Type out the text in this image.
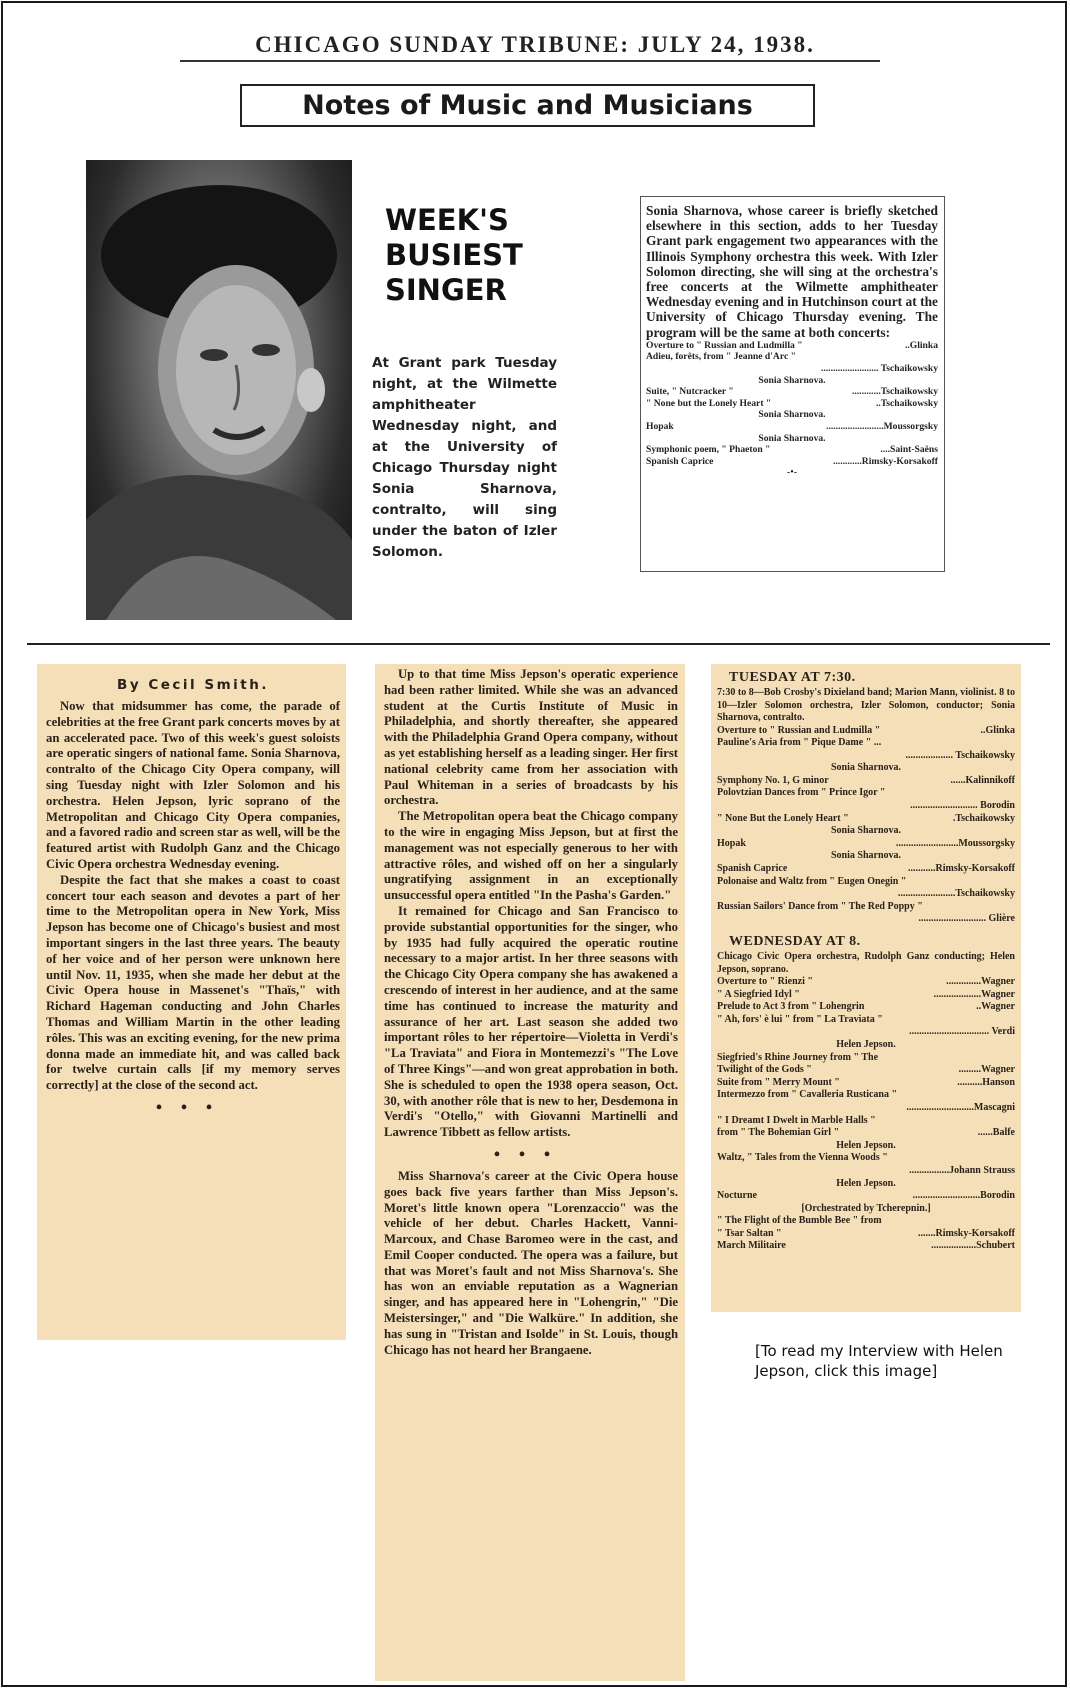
CHICAGO SUNDAY TRIBUNE: JULY 24, 1938.
Notes of Music and Musicians
WEEK'S
BUSIEST
SINGER
At Grant park Tuesday night, at the Wilmette amphitheater Wednesday night, and at the University of Chicago Thursday night Sonia Sharnova, contralto, will sing under the baton of Izler Solomon.
Sonia Sharnova, whose career is briefly sketched elsewhere in this section, adds to her Tuesday Grant park engagement two appearances with the Illinois Symphony orchestra this week. With Izler Solomon directing, she will sing at the orchestra's free concerts at the Wilmette amphitheater Wednesday evening and in Hutchinson court at the University of Chicago Thursday evening. The program will be the same at both concerts:
Overture to " Russian and Ludmilla "	..Glinka
Adieu, forêts, from " Jeanne d'Arc "
........................ Tschaikowsky
Sonia Sharnova.
Suite, " Nutcracker "	............Tschaikowsky
" None but the Lonely Heart "	..Tschaikowsky
Sonia Sharnova.
Hopak	........................Moussorgsky
Sonia Sharnova.
Symphonic poem, " Phaeton "	....Saint-Saëns
Spanish Caprice	............Rimsky-Korsakoff
-•-
By Cecil Smith.

Now that midsummer has come, the parade of celebrities at the free Grant park concerts moves by at an accelerated pace. Two of this week's guest soloists are operatic singers of national fame. Sonia Sharnova, contralto of the Chicago City Opera company, will sing Tuesday night with Izler Solomon and his orchestra. Helen Jepson, lyric soprano of the Metropolitan and Chicago City Opera companies, and a favored radio and screen star as well, will be the featured artist with Rudolph Ganz and the Chicago Civic Opera orchestra Wednesday evening.

Despite the fact that she makes a coast to coast concert tour each season and devotes a part of her time to the Metropolitan opera in New York, Miss Jepson has become one of Chicago's busiest and most important singers in the last three years. The beauty of her voice and of her person were unknown here until Nov. 11, 1935, when she made her debut at the Civic Opera house in Massenet's "Thaïs," with Richard Hageman conducting and John Charles Thomas and William Martin in the other leading rôles. This was an exciting evening, for the new prima donna made an immediate hit, and was called back for twelve curtain calls [if my memory serves correctly] at the close of the second act.

•••

Up to that time Miss Jepson's operatic experience had been rather limited. While she was an advanced student at the Curtis Institute of Music in Philadelphia, and shortly thereafter, she appeared with the Philadelphia Grand Opera company, without as yet establishing herself as a leading singer. Her first national celebrity came from her association with Paul Whiteman in a series of broadcasts by his orchestra.

The Metropolitan opera beat the Chicago company to the wire in engaging Miss Jepson, but at first the management was not especially generous to her with attractive rôles, and wished off on her a singularly ungratifying assignment in an exceptionally unsuccessful opera entitled "In the Pasha's Garden."

It remained for Chicago and San Francisco to provide substantial opportunities for the singer, who by 1935 had fully acquired the operatic routine necessary to a major artist. In her three seasons with the Chicago City Opera company she has awakened a crescendo of interest in her audience, and at the same time has continued to increase the maturity and assurance of her art. Last season she added two important rôles to her répertoire—Violetta in Verdi's "La Traviata" and Fiora in Montemezzi's "The Love of Three Kings"—and won great approbation in both. She is scheduled to open the 1938 opera season, Oct. 30, with another rôle that is new to her, Desdemona in Verdi's "Otello," with Giovanni Martinelli and Lawrence Tibbett as fellow artists.

•••

Miss Sharnova's career at the Civic Opera house goes back five years farther than Miss Jepson's. Moret's little known opera "Lorenzaccio" was the vehicle of her debut. Charles Hackett, Vanni-Marcoux, and Chase Baromeo were in the cast, and Emil Cooper conducted. The opera was a failure, but that was Moret's fault and not Miss Sharnova's. She has won an enviable reputation as a Wagnerian singer, and has appeared here in "Lohengrin," "Die Meistersinger," and "Die Walküre." In addition, she has sung in "Tristan and Isolde" in St. Louis, though Chicago has not heard her Brangaene.

TUESDAY AT 7:30.
7:30 to 8—Bob Crosby's Dixieland band; Marion Mann, violinist. 8 to 10—Izler Solomon orchestra, Izler Solomon, conductor; Sonia Sharnova, contralto.
Overture to " Russian and Ludmilla "	..Glinka
Pauline's Aria from " Pique Dame " ...
................... Tschaikowsky
Sonia Sharnova.
Symphony No. 1, G minor	......Kalinnikoff
Polovtzian Dances from " Prince Igor "
........................... Borodin
" None But the Lonely Heart "	.Tschaikowsky
Sonia Sharnova.
Hopak	.........................Moussorgsky
Sonia Sharnova.
Spanish Caprice	...........Rimsky-Korsakoff
Polonaise and Waltz from " Eugen Onegin "
.......................Tschaikowsky
Russian Sailors' Dance from " The Red Poppy "
........................... Glière
WEDNESDAY AT 8.
Chicago Civic Opera orchestra, Rudolph Ganz conducting; Helen Jepson, soprano.
Overture to " Rienzi "	..............Wagner
" A Siegfried Idyl "	...................Wagner
Prelude to Act 3 from " Lohengrin	..Wagner
" Ah, fors' è lui " from " La Traviata "
................................ Verdi
Helen Jepson.
Siegfried's Rhine Journey from " The
Twilight of the Gods "	.........Wagner
Suite from " Merry Mount "	..........Hanson
Intermezzo from " Cavalleria Rusticana "
...........................Mascagni
" I Dreamt I Dwelt in Marble Halls "
from " The Bohemian Girl "	......Balfe
Helen Jepson.
Waltz, " Tales from the Vienna Woods "
................Johann Strauss
Helen Jepson.
Nocturne	...........................Borodin
[Orchestrated by Tcherepnin.]
" The Flight of the Bumble Bee " from
" Tsar Saltan "	.......Rimsky-Korsakoff
March Militaire	..................Schubert
[To read my Interview with Helen Jepson, click this image]
